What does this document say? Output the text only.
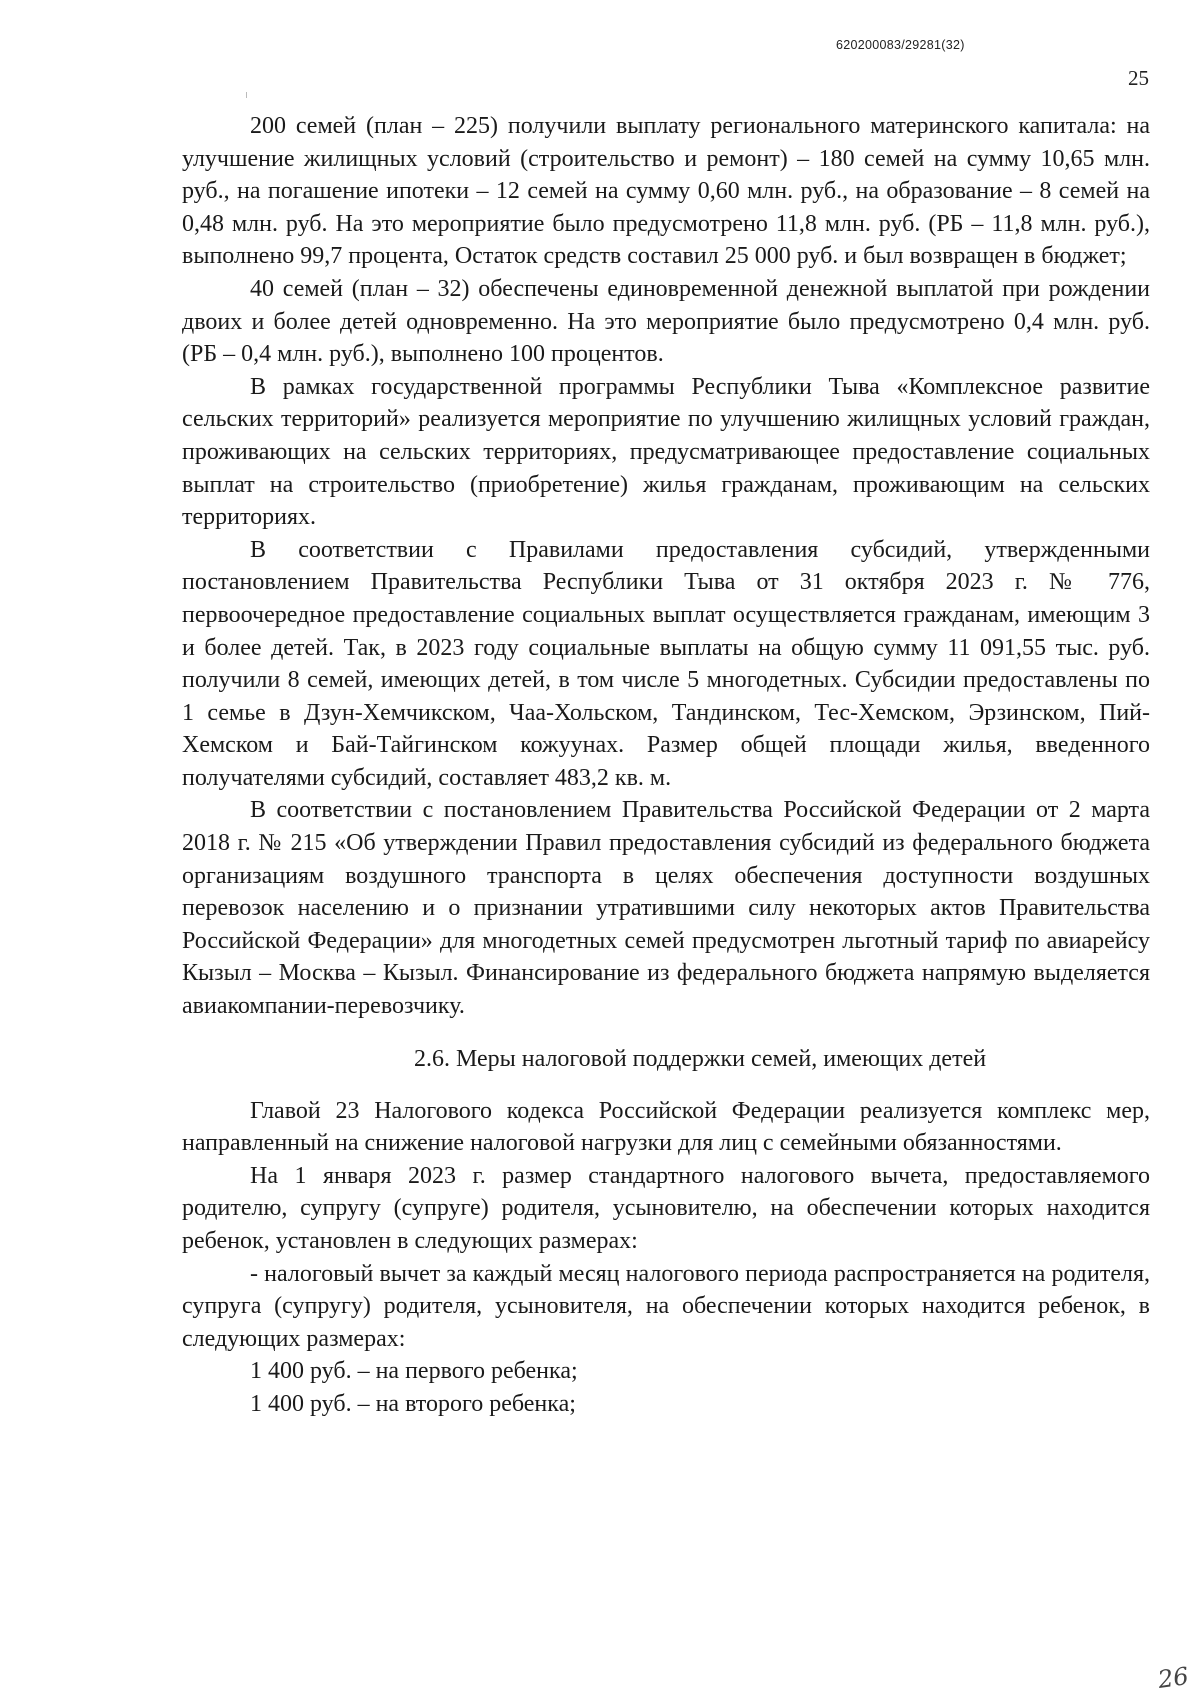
620200083/29281(32)
25

200 семей (план – 225) получили выплату регионального материнского капитала: на улучшение жилищных условий (строительство и ремонт) – 180 семей на сумму 10,65 млн. руб., на погашение ипотеки – 12 семей на сумму 0,60 млн. руб., на образование – 8 семей на 0,48 млн. руб. На это мероприятие было предусмотрено 11,8 млн. руб. (РБ – 11,8 млн. руб.), выполнено 99,7 процента, Остаток средств составил 25 000 руб. и был возвращен в бюджет;

40 семей (план – 32) обеспечены единовременной денежной выплатой при рождении двоих и более детей одновременно. На это мероприятие было предусмотрено 0,4 млн. руб. (РБ – 0,4 млн. руб.), выполнено 100 процентов.

В рамках государственной программы Республики Тыва «Комплексное развитие сельских территорий» реализуется мероприятие по улучшению жилищных условий граждан, проживающих на сельских территориях, предусматривающее предоставление социальных выплат на строительство (приобретение) жилья гражданам, проживающим на сельских территориях.

В соответствии с Правилами предоставления субсидий, утвержденными постановлением Правительства Республики Тыва от 31 октября 2023 г. № 776, первоочередное предоставление социальных выплат осуществляется гражданам, имеющим 3 и более детей. Так, в 2023 году социальные выплаты на общую сумму 11 091,55 тыс. руб. получили 8 семей, имеющих детей, в том числе 5 многодетных. Субсидии предоставлены по 1 семье в Дзун-Хемчикском, Чаа-Хольском, Тандинском, Тес-Хемском, Эрзинском, Пий-Хемском и Бай-Тайгинском кожуунах. Размер общей площади жилья, введенного получателями субсидий, составляет 483,2 кв. м.

В соответствии с постановлением Правительства Российской Федерации от 2 марта 2018 г. № 215 «Об утверждении Правил предоставления субсидий из федерального бюджета организациям воздушного транспорта в целях обеспечения доступности воздушных перевозок населению и о признании утратившими силу некоторых актов Правительства Российской Федерации» для многодетных семей предусмотрен льготный тариф по авиарейсу Кызыл – Москва – Кызыл. Финансирование из федерального бюджета напрямую выделяется авиакомпании-перевозчику.

2.6. Меры налоговой поддержки семей, имеющих детей

Главой 23 Налогового кодекса Российской Федерации реализуется комплекс мер, направленный на снижение налоговой нагрузки для лиц с семейными обязанностями.

На 1 января 2023 г. размер стандартного налогового вычета, предоставляемого родителю, супругу (супруге) родителя, усыновителю, на обеспечении которых находится ребенок, установлен в следующих размерах:

- налоговый вычет за каждый месяц налогового периода распространяется на родителя, супруга (супругу) родителя, усыновителя, на обеспечении которых находится ребенок, в следующих размерах:

1 400 руб. – на первого ребенка;

1 400 руб. – на второго ребенка;

26
